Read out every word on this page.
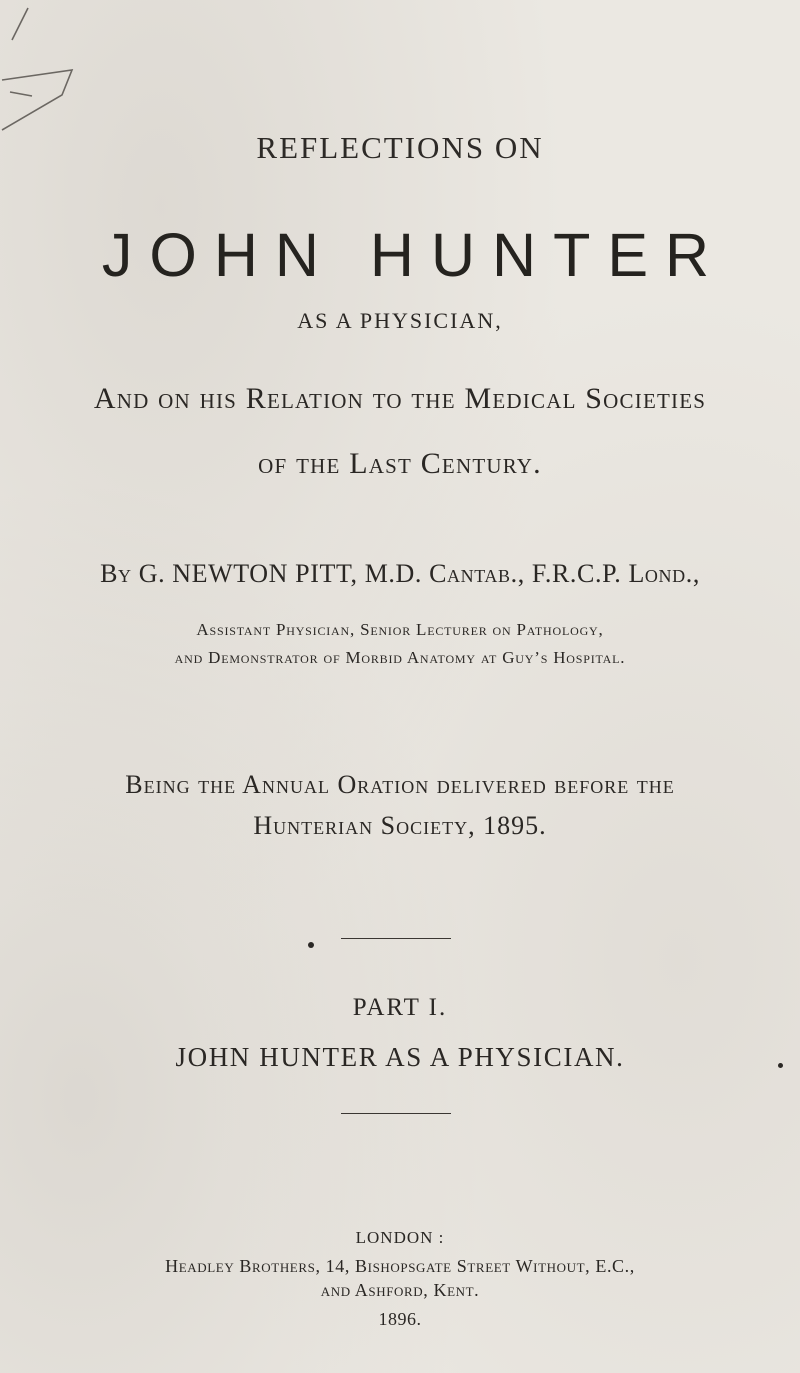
REFLECTIONS ON

JOHN HUNTER

AS A PHYSICIAN,

And on his Relation to the Medical Societies

of the Last Century.

By G. NEWTON PITT, M.D. Cantab., F.R.C.P. Lond.,

Assistant Physician, Senior Lecturer on Pathology,

and Demonstrator of Morbid Anatomy at Guy’s Hospital.

Being the Annual Oration delivered before the

Hunterian Society, 1895.

PART I.

JOHN HUNTER AS A PHYSICIAN.

LONDON :

Headley Brothers, 14, Bishopsgate Street Without, E.C.,

and Ashford, Kent.

1896.
